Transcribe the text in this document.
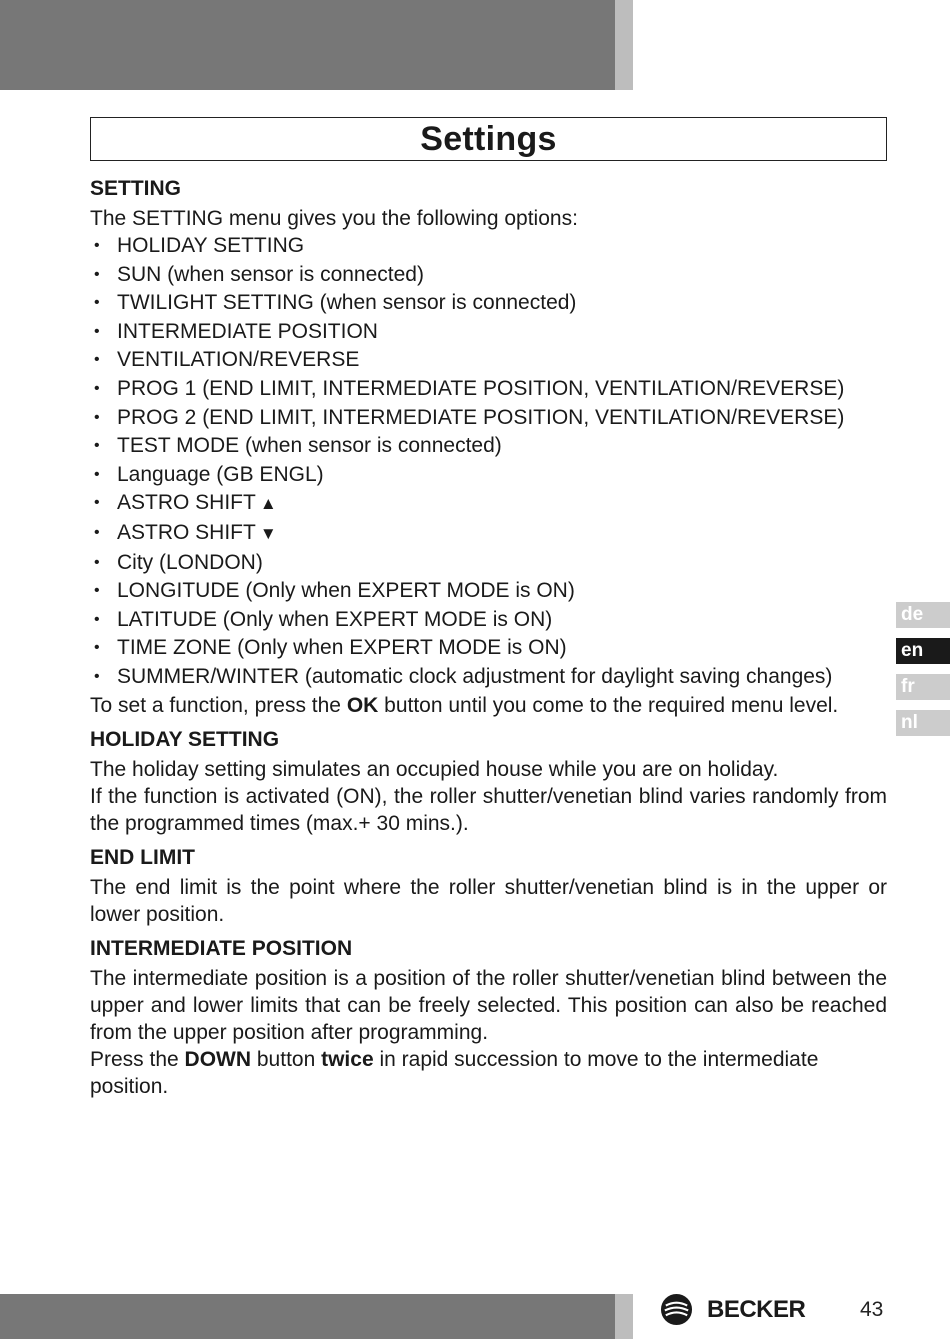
Settings

SETTING

The SETTING menu gives you the following options:

• HOLIDAY SETTING
• SUN (when sensor is connected)
• TWILIGHT SETTING (when sensor is connected)
• INTERMEDIATE POSITION
• VENTILATION/REVERSE
• PROG 1 (END LIMIT, INTERMEDIATE POSITION, VENTILATION/REVERSE)
• PROG 2 (END LIMIT, INTERMEDIATE POSITION, VENTILATION/REVERSE)
• TEST MODE (when sensor is connected)
• Language (GB ENGL)
• ASTRO SHIFT ▲
• ASTRO SHIFT ▼
• City (LONDON)
• LONGITUDE (Only when EXPERT MODE is ON)
• LATITUDE (Only when EXPERT MODE is ON)
• TIME ZONE (Only when EXPERT MODE is ON)
• SUMMER/WINTER (automatic clock adjustment for daylight saving changes)

To set a function, press the OK button until you come to the required menu level.

HOLIDAY SETTING

The holiday setting simulates an occupied house while you are on holiday.

If the function is activated (ON), the roller shutter/venetian blind varies randomly from the programmed times (max.+ 30 mins.).

END LIMIT

The end limit is the point where the roller shutter/venetian blind is in the upper or lower position.

INTERMEDIATE POSITION

The intermediate position is a position of the roller shutter/venetian blind between the upper and lower limits that can be freely selected. This position can also be reached from the upper position after programming.

Press the DOWN button twice in rapid succession to move to the intermediate position.

de
en
fr
nl
BECKER	43
